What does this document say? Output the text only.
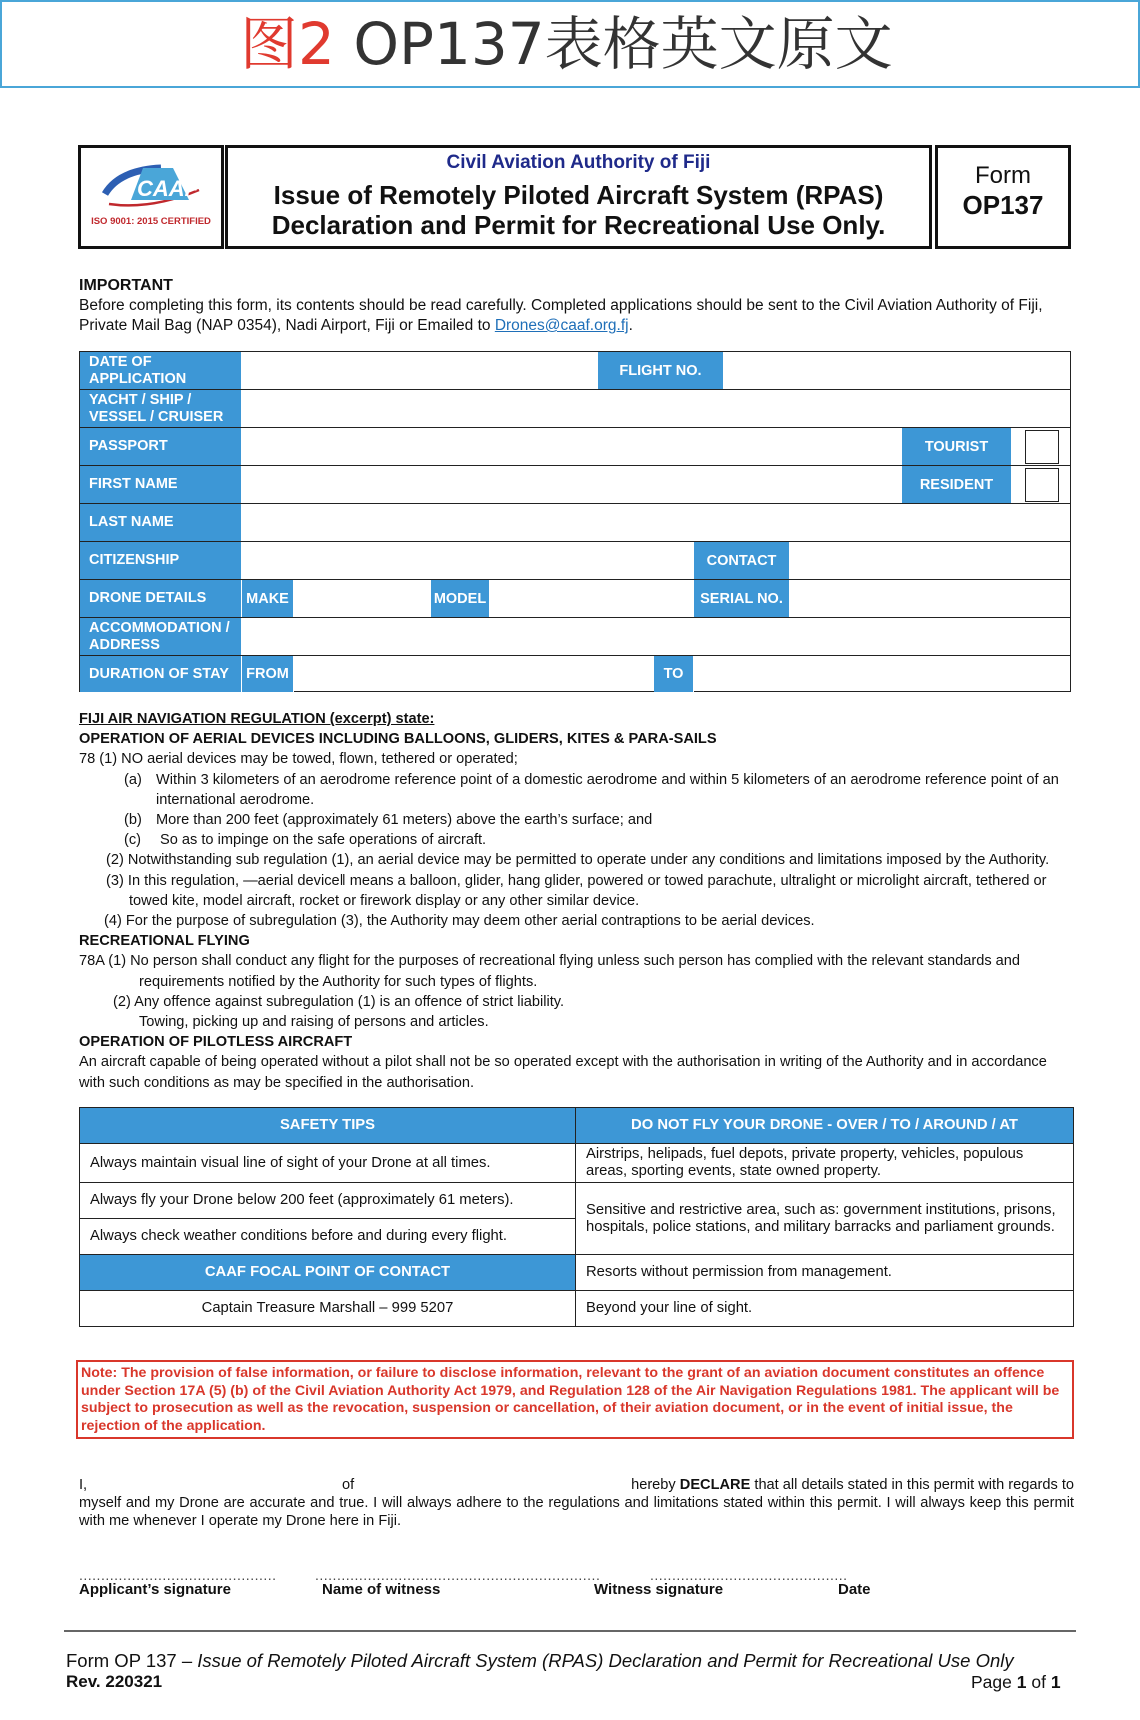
图2 OP137表格英文原文
CAAF
ISO 9001: 2015 CERTIFIED
Civil Aviation Authority of Fiji
Issue of Remotely Piloted Aircraft System (RPAS)
Declaration and Permit for Recreational Use Only.
Form
OP137
IMPORTANT
Before completing this form, its contents should be read carefully. Completed applications should be sent to the Civil Aviation Authority of Fiji, Private Mail Bag (NAP 0354), Nadi Airport, Fiji or Emailed to Drones@caaf.org.fj.
DATE OF APPLICATION	FLIGHT NO.
YACHT / SHIP / VESSEL / CRUISER
PASSPORT	TOURIST
FIRST NAME	RESIDENT
LAST NAME
CITIZENSHIP	CONTACT
DRONE DETAILS	MAKE	MODEL	SERIAL NO.
ACCOMMODATION / ADDRESS
DURATION OF STAY	FROM	TO

FIJI AIR NAVIGATION REGULATION (excerpt) state:

OPERATION OF AERIAL DEVICES INCLUDING BALLOONS, GLIDERS, KITES & PARA-SAILS

78 (1) NO aerial devices may be towed, flown, tethered or operated;

(a) Within 3 kilometers of an aerodrome reference point of a domestic aerodrome and within 5 kilometers of an aerodrome reference point of an international aerodrome.
(b) More than 200 feet (approximately 61 meters) above the earth’s surface; and
(c)	So as to impinge on the safe operations of aircraft.

(2) Notwithstanding sub regulation (1), an aerial device may be permitted to operate under any conditions and limitations imposed by the Authority.

(3) In this regulation, ―aerial device‖ means a balloon, glider, hang glider, powered or towed parachute, ultralight or microlight aircraft, tethered or towed kite, model aircraft, rocket or firework display or any other similar device.

(4) For the purpose of subregulation (3), the Authority may deem other aerial contraptions to be aerial devices.

RECREATIONAL FLYING

78A (1) No person shall conduct any flight for the purposes of recreational flying unless such person has complied with the relevant standards and requirements notified by the Authority for such types of flights.

(2) Any offence against subregulation (1) is an offence of strict liability.

Towing, picking up and raising of persons and articles.

OPERATION OF PILOTLESS AIRCRAFT

An aircraft capable of being operated without a pilot shall not be so operated except with the authorisation in writing of the Authority and in accordance with such conditions as may be specified in the authorisation.

SAFETY TIPS	DO NOT FLY YOUR DRONE - OVER / TO / AROUND / AT
Always maintain visual line of sight of your Drone at all times.	Airstrips, helipads, fuel depots, private property, vehicles, populous areas, sporting events, state owned property.
Always fly your Drone below 200 feet (approximately 61 meters).	Sensitive and restrictive area, such as: government institutions, prisons, hospitals, police stations, and military barracks and parliament grounds.
Always check weather conditions before and during every flight.	
CAAF FOCAL POINT OF CONTACT	Resorts without permission from management.
Captain Treasure Marshall – 999 5207	Beyond your line of sight.
Note: The provision of false information, or failure to disclose information, relevant to the grant of an aviation document constitutes an offence under Section 17A (5) (b) of the Civil Aviation Authority Act 1979, and Regulation 128 of the Air Navigation Regulations 1981. The applicant will be subject to prosecution as well as the revocation, suspension or cancellation, of their aviation document, or in the event of initial issue, the rejection of the application.
I,	of	hereby DECLARE that all details stated in this permit with regards to
myself and my Drone are accurate and true. I will always adhere to the regulations and limitations stated within this permit. I will always keep this permit with me whenever I operate my Drone here in Fiji.
.............................................	.................................................................	.............................................
Applicant’s signature	Name of witness	Witness signature	Date
Form OP 137 – Issue of Remotely Piloted Aircraft System (RPAS) Declaration and Permit for Recreational Use Only
Rev. 220321	Page 1 of 1
